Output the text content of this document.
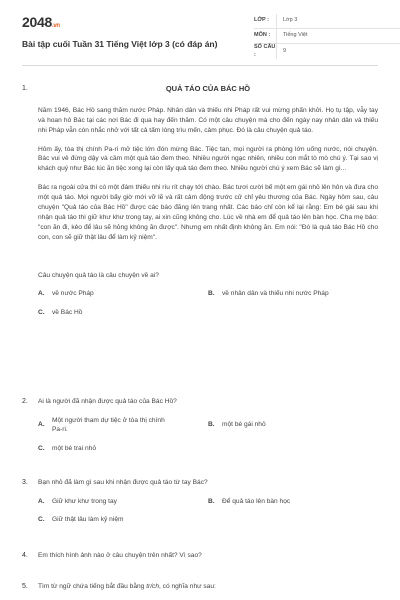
2048.vn
Bài tập cuối Tuần 31 Tiếng Việt lớp 3 (có đáp án)
LỚP :	Lớp 3
MÔN :	Tiếng Việt
SỐ CÂU :
9
1.	QUẢ TÁO CỦA BÁC HỒ

Năm 1946, Bác Hồ sang thăm nước Pháp. Nhân dân và thiếu nhi Pháp rất vui mừng phấn khởi. Họ tụ tập, vẫy tay và hoan hô Bác tại các nơi Bác đi qua hay đến thăm. Có một câu chuyện mà cho đến ngày nay nhân dân và thiếu nhi Pháp vẫn còn nhắc nhở với tất cả tấm lòng trìu mến, cảm phục. Đó là câu chuyện quả táo.

Hôm ấy, tòa thị chính Pa-ri mở tiệc lớn đón mừng Bác. Tiệc tan, mọi người ra phòng lớn uống nước, nói chuyện. Bác vui vẻ đứng dậy và cầm một quả táo đem theo. Nhiều người ngạc nhiên, nhiều con mắt tò mò chú ý. Tại sao vị khách quý như Bác lúc ăn tiệc xong lại còn lấy quả táo đem theo. Nhiều người chú ý xem Bác sẽ làm gì...

Bác ra ngoài cửa thì có một đám thiếu nhi ríu rít chạy tới chào. Bác tươi cười bế một em gái nhỏ lên hôn và đưa cho một quả táo. Mọi người bấy giờ mới vỡ lẽ và rất cảm động trước cử chỉ yêu thương của Bác. Ngày hôm sau, câu chuyện "Quả táo của Bác Hồ" được các báo đăng lên trang nhất. Các báo chỉ còn kể lại rằng: Em bé gái sau khi nhận quả táo thì giữ khư khư trong tay, ai xin cũng không cho. Lúc về nhà em để quả táo lên bàn học. Cha mẹ bảo: "con ăn đi, kẻo để lâu sẽ hỏng không ăn được". Nhưng em nhất định không ăn. Em nói: "Đó là quả táo Bác Hồ cho con, con sẽ giữ thật lâu để làm kỷ niệm".

Câu chuyện quả táo là câu chuyện về ai?
A.	về nước Pháp	B.	về nhân dân và thiếu nhi nước Pháp
C.	về Bác Hồ
2. Ai là người đã nhận được quả táo của Bác Hồ?
A.
Một người tham dự tiệc ở tòa thị chính Pa-ri.
B.	một bé gái nhỏ
C.	một bé trai nhỏ
3. Bạn nhỏ đã làm gì sau khi nhận được quả táo từ tay Bác?
A.	Giữ khư khư trong tay	B.	Để quả táo lên bàn học
C.	Giữ thật lâu làm kỷ niệm
4. Em thích hình ảnh nào ở câu chuyện trên nhất? Vì sao?
5. Tìm từ ngữ chứa tiếng bắt đầu bằng tr/ch, có nghĩa như sau:
